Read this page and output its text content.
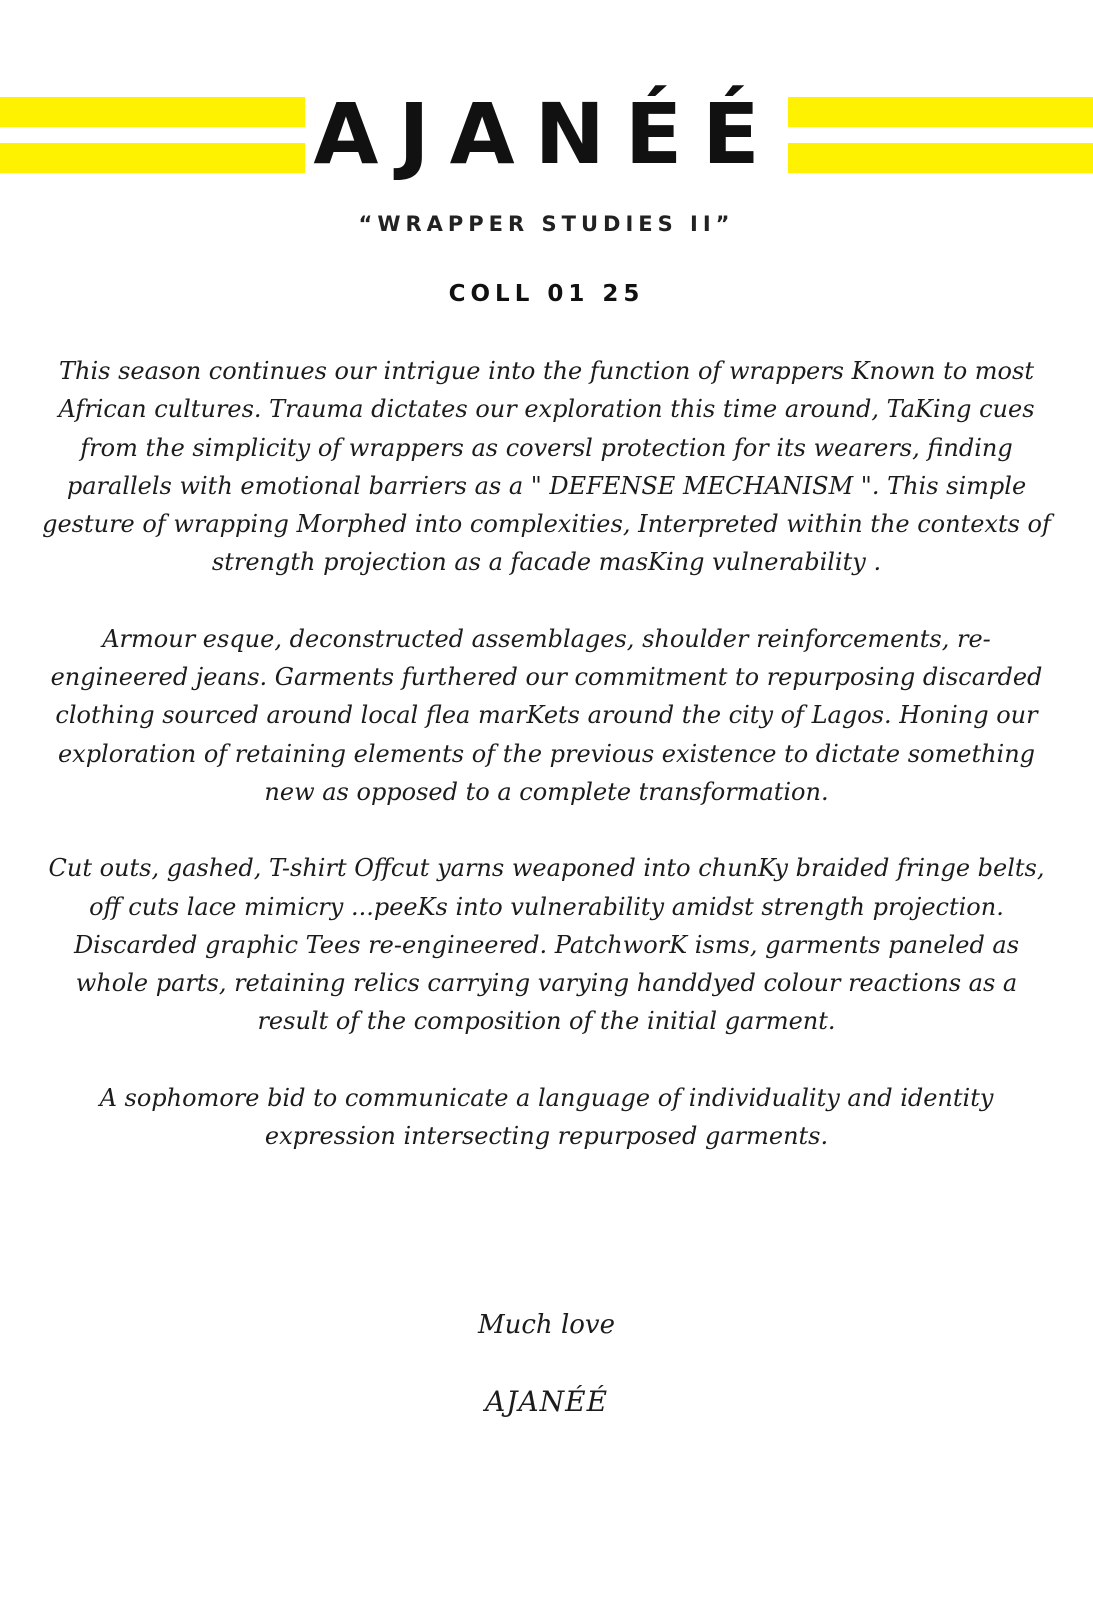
AJANÉÉ
“WRAPPER STUDIES II”
COLL 01 25

This season continues our intrigue into the function of wrappers Known to most African cultures. Trauma dictates our exploration this time around, TaKing cues from the simplicity of wrappers as coversl protection for its wearers, finding parallels with emotional barriers as a " DEFENSE MECHANISM ". This simple gesture of wrapping Morphed into complexities, Interpreted within the contexts of strength projection as a facade masKing vulnerability .

Armour esque, deconstructed assemblages, shoulder reinforcements, re-engineered jeans. Garments furthered our commitment to repurposing discarded clothing sourced around local flea marKets around the city of Lagos. Honing our exploration of retaining elements of the previous existence to dictate something new as opposed to a complete transformation.

Cut outs, gashed, T-shirt Offcut yarns weaponed into chunKy braided fringe belts, off cuts lace mimicry ...peeKs into vulnerability amidst strength projection. Discarded graphic Tees re-engineered. PatchworK isms, garments paneled as whole parts, retaining relics carrying varying handdyed colour reactions as a result of the composition of the initial garment.

A sophomore bid to communicate a language of individuality and identity expression intersecting repurposed garments.

Much love
AJANÉÉ
